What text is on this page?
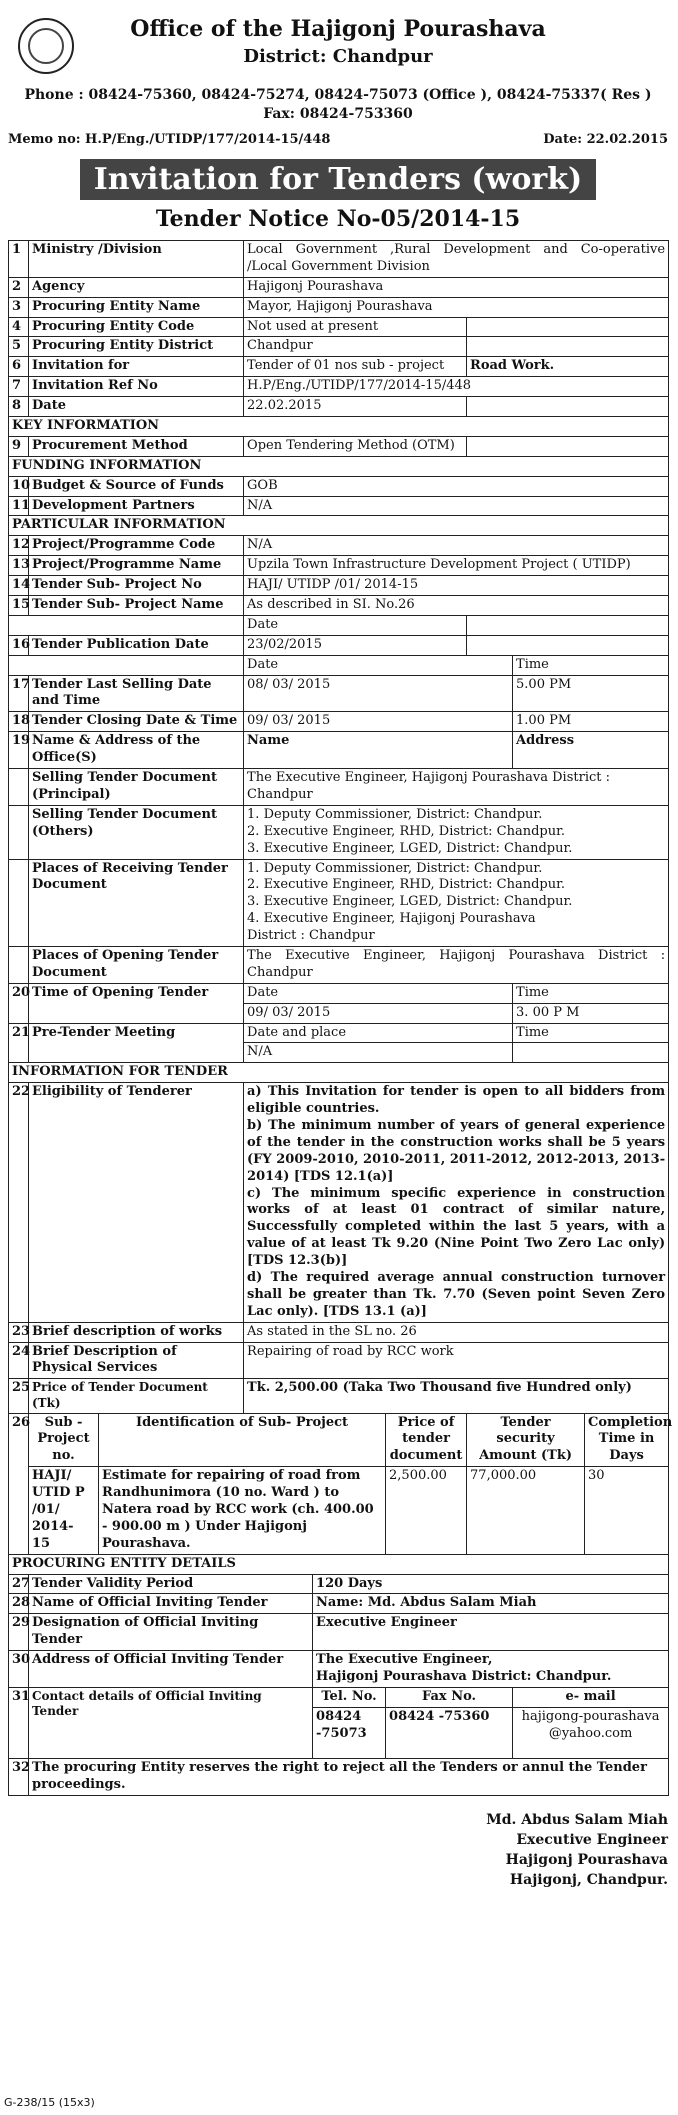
Office of the Hajigonj Pourashava
District: Chandpur
Phone : 08424-75360, 08424-75274, 08424-75073 (Office ), 08424-75337( Res )
Fax: 08424-753360
Memo no: H.P/Eng./UTIDP/177/2014-15/448	Date: 22.02.2015
Invitation for Tenders (work)
Tender Notice No-05/2014-15
1	Ministry /Division		Local Government ,Rural Development and Co-operative /Local Government Division					
2	Agency		Hajigonj Pourashava					
3	Procuring Entity Name		Mayor, Hajigonj Pourashava					
4	Procuring Entity Code		Not used at present					
5	Procuring Entity District		Chandpur					
6	Invitation for		Tender of 01 nos sub - project			Road Work.		
7	Invitation Ref No		H.P/Eng./UTIDP/177/2014-15/448					
8	Date		22.02.2015					
KEY INFORMATION								
9	Procurement Method		Open Tendering Method (OTM)					
FUNDING INFORMATION								
10	Budget & Source of Funds		GOB					
11	Development Partners		N/A					
PARTICULAR INFORMATION								
12	Project/Programme Code		N/A					
13	Project/Programme Name		Upzila Town Infrastructure Development Project ( UTIDP)					
14	Tender Sub- Project No		HAJI/ UTIDP /01/ 2014-15					
15	Tender Sub- Project Name		As described in SI. No.26					
			Date					
16	Tender Publication Date		23/02/2015					
			Date				Time	
17	Tender Last Selling Date and Time		08/ 03/ 2015				5.00 PM	
18	Tender Closing Date & Time		09/ 03/ 2015				1.00 PM	
19	Name & Address of the Office(S)		Name				Address	
	Selling Tender Document (Principal)		The Executive Engineer, Hajigonj Pourashava District : Chandpur					
	Selling Tender Document (Others)		1. Deputy Commissioner, District: Chandpur.
2. Executive Engineer, RHD, District: Chandpur.
3. Executive Engineer, LGED, District: Chandpur.					

	Places of Receiving Tender Document		1. Deputy Commissioner, District: Chandpur.
2. Executive Engineer, RHD, District: Chandpur.
3. Executive Engineer, LGED, District: Chandpur.
4. Executive Engineer, Hajigonj Pourashava
District : Chandpur					

	Places of Opening Tender Document		The Executive Engineer, Hajigonj Pourashava District : Chandpur					
20	Time of Opening Tender		Date				Time	
			09/ 03/ 2015				3. 00 P M	
21	Pre-Tender Meeting		Date and place				Time	
			N/A					
INFORMATION FOR TENDER								
22	Eligibility of Tenderer		a) This Invitation for tender is open to all bidders from eligible countries.
b) The minimum number of years of general experience of the tender in the construction works shall be 5 years (FY 2009-2010, 2010-2011, 2011-2012, 2012-2013, 2013-2014) [TDS 12.1(a)]
c) The minimum specific experience in construction works of at least 01 contract of similar nature, Successfully completed within the last 5 years, with a value of at least Tk 9.20 (Nine Point Two Zero Lac only) [TDS 12.3(b)]
d) The required average annual construction turnover shall be greater than Tk. 7.70 (Seven point Seven Zero Lac only). [TDS 13.1 (a)]					

23	Brief description of works		As stated in the SL no. 26					
24	Brief Description of Physical Services		Repairing of road by RCC work					
25	Price of Tender Document (Tk)		Tk. 2,500.00 (Taka Two Thousand five Hundred only)					
26	Sub - Project no.	Identification of Sub- Project			Price of tender document	Tender security Amount (Tk)		Completion Time in Days
	HAJI/ UTID P /01/ 2014- 15	Estimate for repairing of road from Randhunimora (10 no. Ward ) to Natera road by RCC work (ch. 400.00 - 900.00 m ) Under Hajigonj Pourashava.			2,500.00	77,000.00		30
PROCURING ENTITY DETAILS								
27	Tender Validity Period			120 Days				
28	Name of Official Inviting Tender			Name: Md. Abdus Salam Miah				
29	Designation of Official Inviting Tender			Executive Engineer				
30	Address of Official Inviting Tender			The Executive Engineer,
Hajigonj Pourashava District: Chandpur.				

31	Contact details of Official Inviting Tender			Tel. No.	Fax No.		e- mail	
				08424 -75073	08424 -75360		hajigong-pourashava @yahoo.com	
32	The procuring Entity reserves the right to reject all the Tenders or annul the Tender proceedings.							
Md. Abdus Salam Miah
Executive Engineer
Hajigonj Pourashava
Hajigonj, Chandpur.
G-238/15 (15x3)
